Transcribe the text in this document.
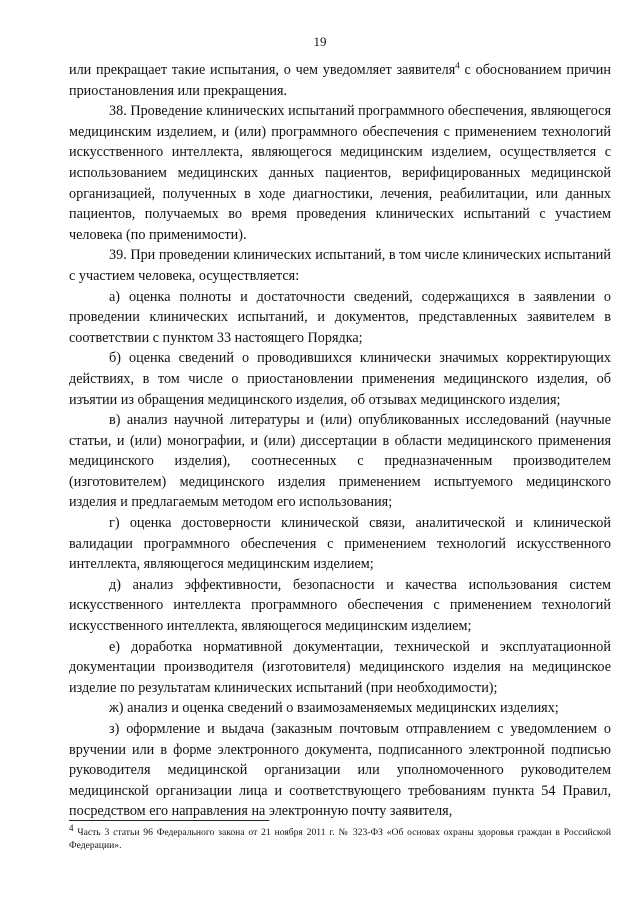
19

или прекращает такие испытания, о чем уведомляет заявителя$^4$ с обоснованием причин приостановления или прекращения.

38. Проведение клинических испытаний программного обеспечения, являющегося медицинским изделием, и (или) программного обеспечения с применением технологий искусственного интеллекта, являющегося медицинским изделием, осуществляется с использованием медицинских данных пациентов, верифицированных медицинской организацией, полученных в ходе диагностики, лечения, реабилитации, или данных пациентов, получаемых во время проведения клинических испытаний с участием человека (по применимости).

39. При проведении клинических испытаний, в том числе клинических испытаний с участием человека, осуществляется:

а) оценка полноты и достаточности сведений, содержащихся в заявлении о проведении клинических испытаний, и документов, представленных заявителем в соответствии с пунктом 33 настоящего Порядка;

б) оценка сведений о проводившихся клинически значимых корректирующих действиях, в том числе о приостановлении применения медицинского изделия, об изъятии из обращения медицинского изделия, об отзывах медицинского изделия;

в) анализ научной литературы и (или) опубликованных исследований (научные статьи, и (или) монографии, и (или) диссертации в области медицинского применения медицинского изделия), соотнесенных с предназначенным производителем (изготовителем) медицинского изделия применением испытуемого медицинского изделия и предлагаемым методом его использования;

г) оценка достоверности клинической связи, аналитической и клинической валидации программного обеспечения с применением технологий искусственного интеллекта, являющегося медицинским изделием;

д) анализ эффективности, безопасности и качества использования систем искусственного интеллекта программного обеспечения с применением технологий искусственного интеллекта, являющегося медицинским изделием;

е) доработка нормативной документации, технической и эксплуатационной документации производителя (изготовителя) медицинского изделия на медицинское изделие по результатам клинических испытаний (при необходимости);

ж) анализ и оценка сведений о взаимозаменяемых медицинских изделиях;

з) оформление и выдача (заказным почтовым отправлением с уведомлением о вручении или в форме электронного документа, подписанного электронной подписью руководителя медицинской организации или уполномоченного руководителем медицинской организации лица и соответствующего требованиям пункта 54 Правил, посредством его направления на электронную почту заявителя,

$^4$ Часть 3 статьи 96 Федерального закона от 21 ноября 2011 г. № 323-ФЗ «Об основах охраны здоровья граждан в Российской Федерации».
